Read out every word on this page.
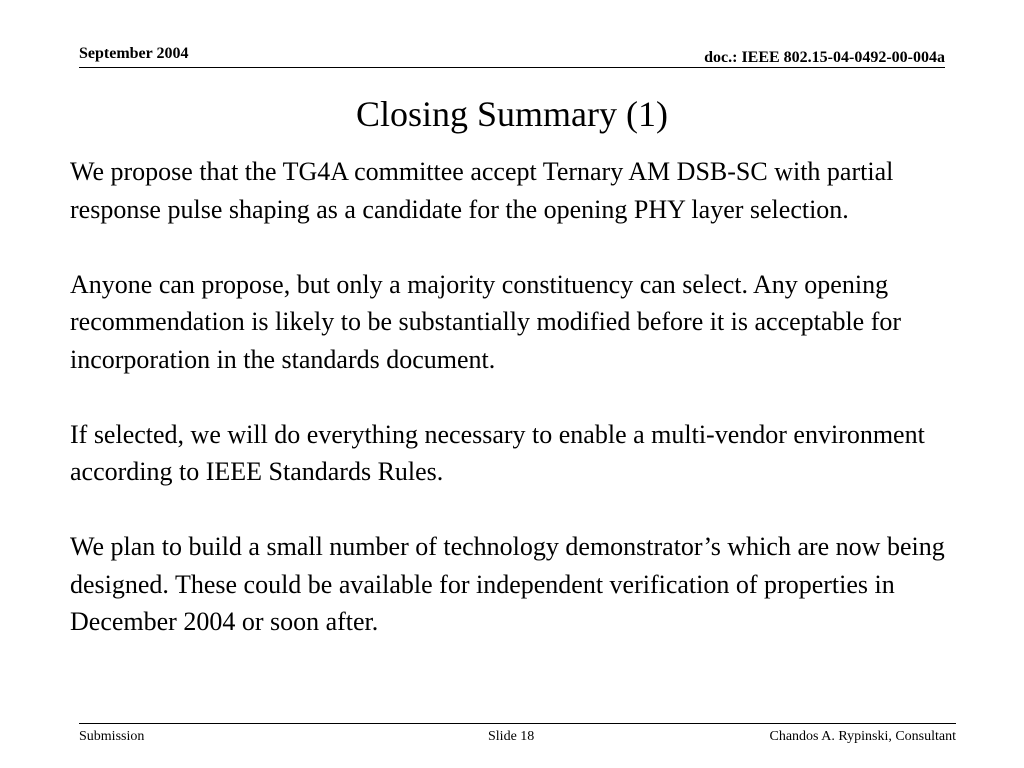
September 2004	doc.: IEEE 802.15-04-0492-00-004a
Closing Summary (1)

We propose that the TG4A committee accept Ternary AM DSB-SC with partial response pulse shaping as a candidate for the opening PHY layer selection.

Anyone can propose, but only a majority constituency can select. Any opening recommendation is likely to be substantially modified before it is acceptable for incorporation in the standards document.

If selected, we will do everything necessary to enable a multi-vendor environment according to IEEE Standards Rules.

We plan to build a small number of technology demonstrator’s which are now being designed. These could be available for independent verification of properties in December 2004 or soon after.

Submission	Slide 18	Chandos A. Rypinski, Consultant
